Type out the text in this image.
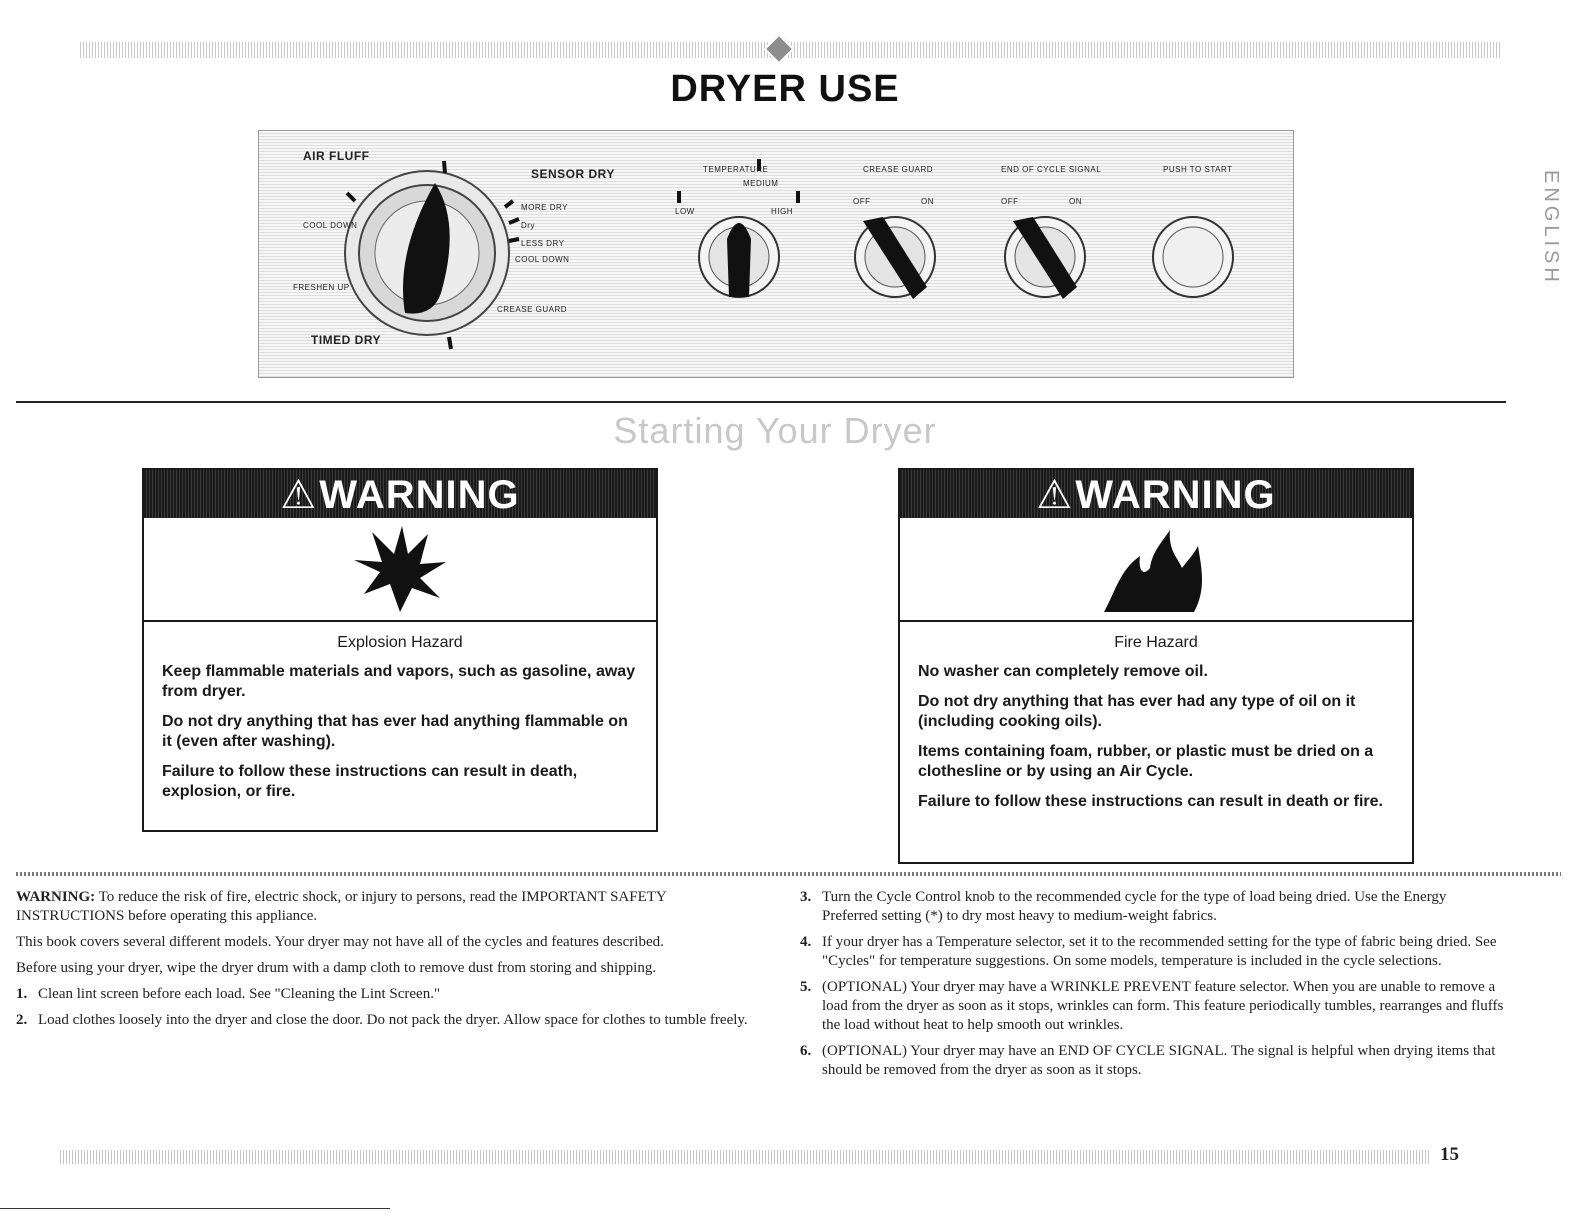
DRYER USE
ENGLISH
AIR FLUFF
SENSOR DRY
MORE DRY
Dry
LESS DRY
COOL DOWN
CREASE GUARD
COOL DOWN
FRESHEN UP
TIMED DRY
TEMPERATURE
LOW
MEDIUM
HIGH
CREASE GUARD
OFF	ON
END OF CYCLE SIGNAL
OFF	ON
PUSH TO START
Starting Your Dryer
⚠WARNING
Explosion Hazard

Keep flammable materials and vapors, such as gasoline, away from dryer.

Do not dry anything that has ever had anything flammable on it (even after washing).

Failure to follow these instructions can result in death, explosion, or fire.

⚠WARNING
Fire Hazard

No washer can completely remove oil.

Do not dry anything that has ever had any type of oil on it (including cooking oils).

Items containing foam, rubber, or plastic must be dried on a clothesline or by using an Air Cycle.

Failure to follow these instructions can result in death or fire.

WARNING: To reduce the risk of fire, electric shock, or injury to persons, read the IMPORTANT SAFETY INSTRUCTIONS before operating this appliance.

This book covers several different models. Your dryer may not have all of the cycles and features described.

Before using your dryer, wipe the dryer drum with a damp cloth to remove dust from storing and shipping.

1. Clean lint screen before each load. See "Cleaning the Lint Screen."
2. Load clothes loosely into the dryer and close the door. Do not pack the dryer. Allow space for clothes to tumble freely.
3. Turn the Cycle Control knob to the recommended cycle for the type of load being dried. Use the Energy Preferred setting (*) to dry most heavy to medium-weight fabrics.
4. If your dryer has a Temperature selector, set it to the recommended setting for the type of fabric being dried. See "Cycles" for temperature suggestions. On some models, temperature is included in the cycle selections.
5. (OPTIONAL) Your dryer may have a WRINKLE PREVENT feature selector. When you are unable to remove a load from the dryer as soon as it stops, wrinkles can form. This feature periodically tumbles, rearranges and fluffs the load without heat to help smooth out wrinkles.
6. (OPTIONAL) Your dryer may have an END OF CYCLE SIGNAL. The signal is helpful when drying items that should be removed from the dryer as soon as it stops.
15
